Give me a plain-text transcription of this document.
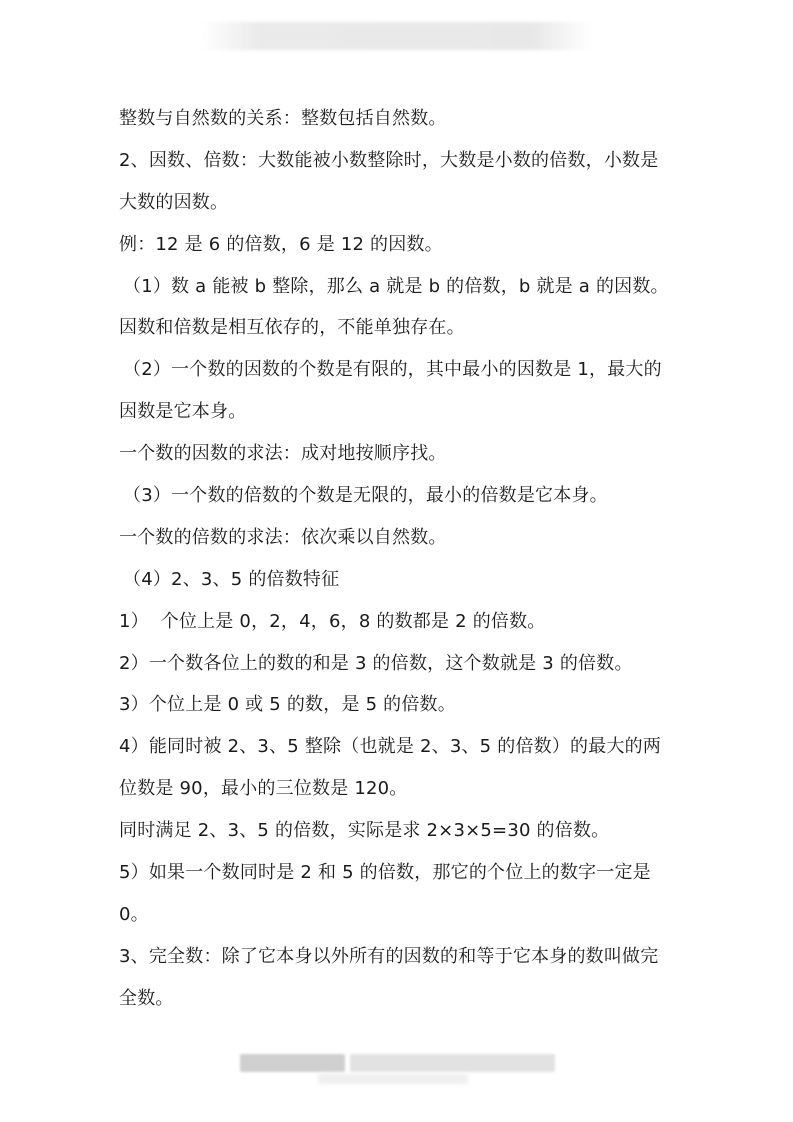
整数与自然数的关系：整数包括自然数。
2、因数、倍数：大数能被小数整除时，大数是小数的倍数，小数是
大数的因数。
例：12 是 6 的倍数，6 是 12 的因数。
（1）数 a 能被 b 整除，那么 a 就是 b 的倍数，b 就是 a 的因数。
因数和倍数是相互依存的，不能单独存在。
（2）一个数的因数的个数是有限的，其中最小的因数是 1，最大的
因数是它本身。
一个数的因数的求法：成对地按顺序找。
（3）一个数的倍数的个数是无限的，最小的倍数是它本身。
一个数的倍数的求法：依次乘以自然数。
（4）2、3、5 的倍数特征
1）  个位上是 0，2，4，6，8 的数都是 2 的倍数。
2）一个数各位上的数的和是 3 的倍数，这个数就是 3 的倍数。
3）个位上是 0 或 5 的数，是 5 的倍数。
4）能同时被 2、3、5 整除（也就是 2、3、5 的倍数）的最大的两
位数是 90，最小的三位数是 120。
同时满足 2、3、5 的倍数，实际是求 2×3×5=30 的倍数。
5）如果一个数同时是 2 和 5 的倍数，那它的个位上的数字一定是
0。
3、完全数：除了它本身以外所有的因数的和等于它本身的数叫做完
全数。
